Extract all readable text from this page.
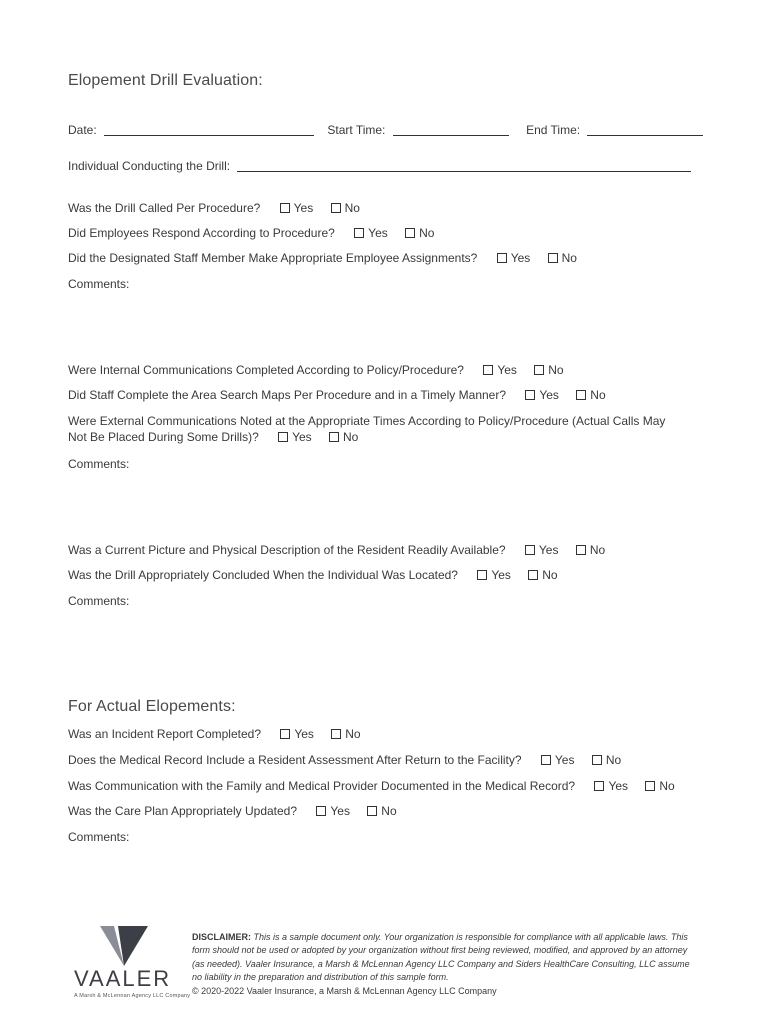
Elopement Drill Evaluation:
Date:	Start Time:	End Time:
Individual Conducting the Drill:
Was the Drill Called Per Procedure?	Yes	No
Did Employees Respond According to Procedure?	Yes	No
Did the Designated Staff Member Make Appropriate Employee Assignments?	Yes	No
Comments:
Were Internal Communications Completed According to Policy/Procedure?	Yes	No
Did Staff Complete the Area Search Maps Per Procedure and in a Timely Manner?	Yes	No
Were External Communications Noted at the Appropriate Times According to Policy/Procedure (Actual Calls May
Not Be Placed During Some Drills)?	Yes	No
Comments:
Was a Current Picture and Physical Description of the Resident Readily Available?	Yes	No
Was the Drill Appropriately Concluded When the Individual Was Located?	Yes	No
Comments:
For Actual Elopements:
Was an Incident Report Completed?	Yes	No
Does the Medical Record Include a Resident Assessment After Return to the Facility?	Yes	No
Was Communication with the Family and Medical Provider Documented in the Medical Record?	Yes	No
Was the Care Plan Appropriately Updated?	Yes	No
Comments:
VAALER
A Marsh & McLennan Agency LLC Company
DISCLAIMER: This is a sample document only. Your organization is responsible for compliance with all applicable laws. This form should not be used or adopted by your organization without first being reviewed, modified, and approved by an attorney (as needed). Vaaler Insurance, a Marsh & McLennan Agency LLC Company and Siders HealthCare Consulting, LLC assume no liability in the preparation and distribution of this sample form.
© 2020-2022 Vaaler Insurance, a Marsh & McLennan Agency LLC Company
